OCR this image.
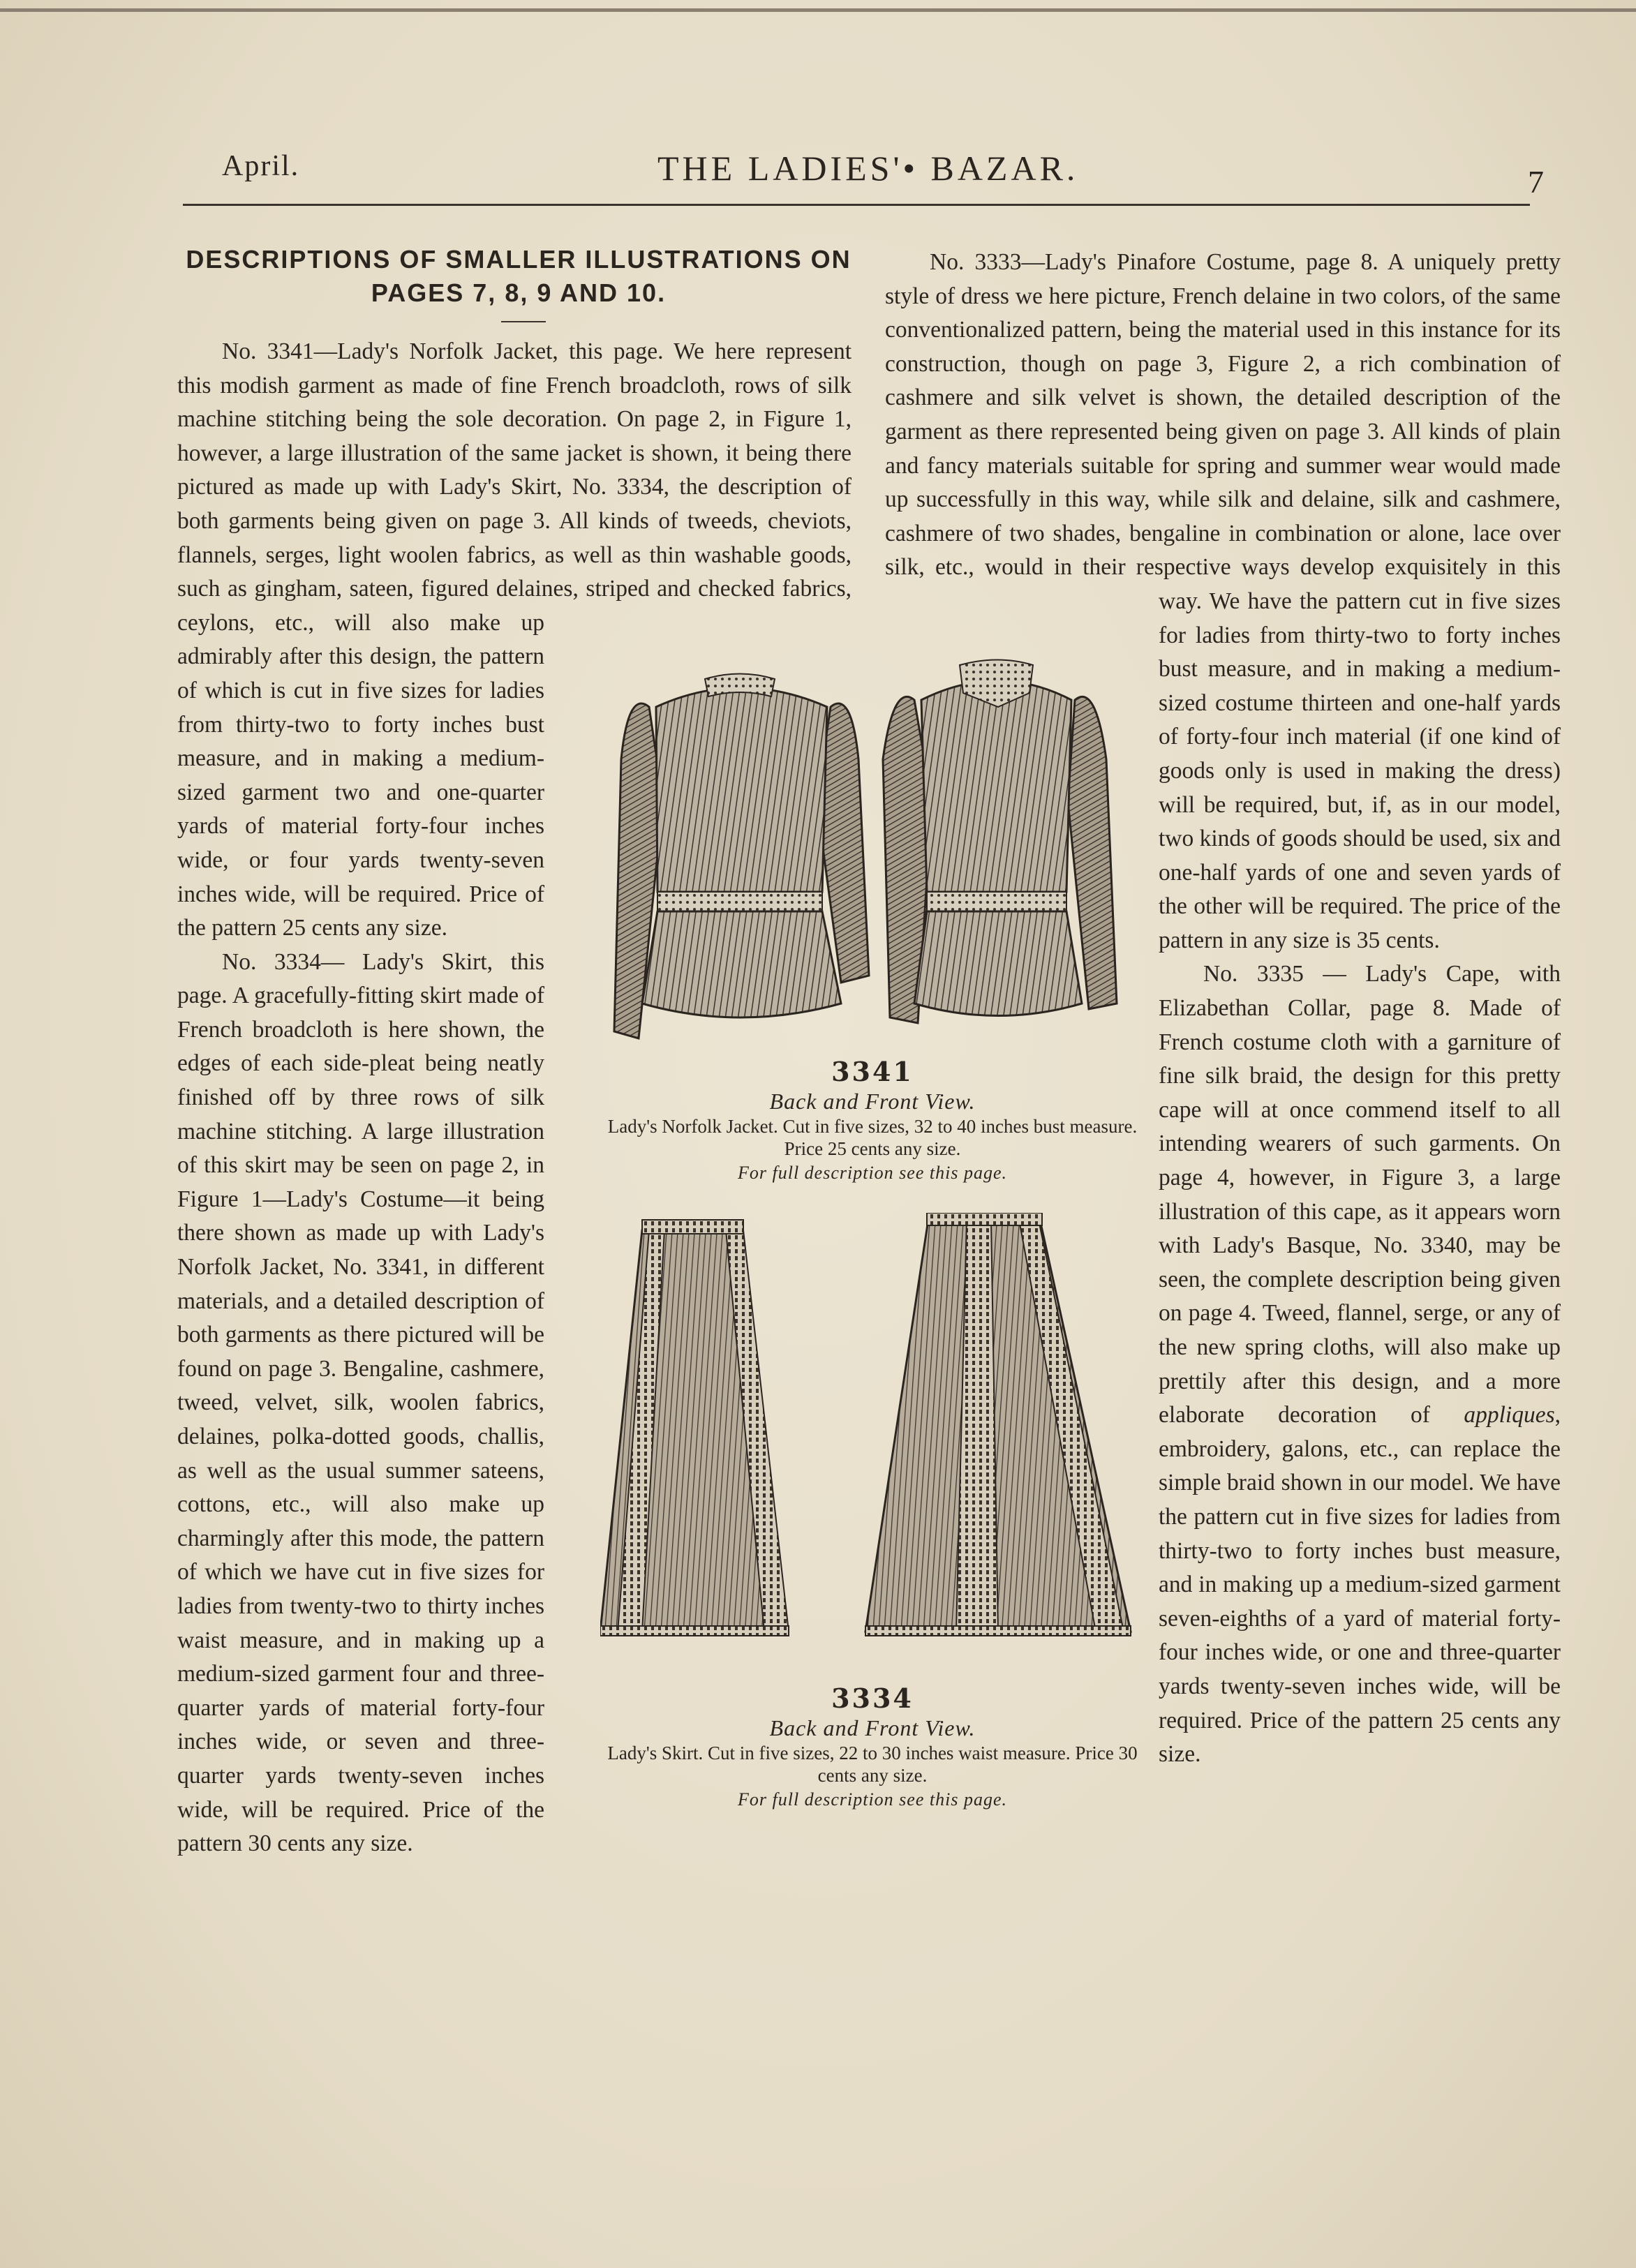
April.	THE LADIES'• BAZAR.	7
DESCRIPTIONS OF SMALLER ILLUSTRATIONS ON PAGES 7, 8, 9 AND 10.

No. 3341—Lady's Norfolk Jacket, this page. We here represent this modish garment as made of fine French broadcloth, rows of silk machine stitching being the sole decoration. On page 2, in Figure 1, however, a large illustration of the same jacket is shown, it being there pictured as made up with Lady's Skirt, No. 3334, the description of both garments being given on page 3. All kinds of tweeds, cheviots, flannels, serges, light woolen fabrics, as well as thin washable goods, such as gingham, sateen, figured delaines, striped and checked fabrics, ceylons, etc., will also make up admirably after this design, the pattern of which is cut in five sizes for ladies from thirty-two to forty inches bust measure, and in making a medium-sized garment two and one-quarter yards of material forty-four inches wide, or four yards twenty-seven inches wide, will be required. Price of the pattern 25 cents any size.

No. 3334— Lady's Skirt, this page. A gracefully-fitting skirt made of French broadcloth is here shown, the edges of each side-pleat being neatly finished off by three rows of silk machine stitching. A large illustration of this skirt may be seen on page 2, in Figure 1—Lady's Costume—it being there shown as made up with Lady's Norfolk Jacket, No. 3341, in different materials, and a detailed description of both garments as there pictured will be found on page 3. Bengaline, cashmere, tweed, velvet, silk, woolen fabrics, delaines, polka-dotted goods, challis, as well as the usual summer sateens, cottons, etc., will also make up charmingly after this mode, the pattern of which we have cut in five sizes for ladies from twenty-two to thirty inches waist measure, and in making up a medium-sized garment four and three-quarter yards of material forty-four inches wide, or seven and three-quarter yards twenty-seven inches wide, will be required. Price of the pattern 30 cents any size.

No. 3333—Lady's Pinafore Costume, page 8. A uniquely pretty style of dress we here picture, French delaine in two colors, of the same conventionalized pattern, being the material used in this instance for its construction, though on page 3, Figure 2, a rich combination of cashmere and silk velvet is shown, the detailed description of the garment as there represented being given on page 3. All kinds of plain and fancy materials suitable for spring and summer wear would made up successfully in this way, while silk and delaine, silk and cashmere, cashmere of two shades, bengaline in combination or alone, lace over silk, etc., would in their respective ways develop exquisitely in this way. We have the pattern cut in five sizes for ladies from thirty-two to forty inches bust measure, and in making a medium-sized costume thirteen and one-half yards of forty-four inch material (if one kind of goods only is used in making the dress) will be required, but, if, as in our model, two kinds of goods should be used, six and one-half yards of one and seven yards of the other will be required. The price of the pattern in any size is 35 cents.

No. 3335 — Lady's Cape, with Elizabethan Collar, page 8. Made of French costume cloth with a garniture of fine silk braid, the design for this pretty cape will at once commend itself to all intending wearers of such garments. On page 4, however, in Figure 3, a large illustration of this cape, as it appears worn with Lady's Basque, No. 3340, may be seen, the complete description being given on page 4. Tweed, flannel, serge, or any of the new spring cloths, will also make up prettily after this design, and a more elaborate decoration of appliques, embroidery, galons, etc., can replace the simple braid shown in our model. We have the pattern cut in five sizes for ladies from thirty-two to forty inches bust measure, and in making up a medium-sized garment seven-eighths of a yard of material forty-four inches wide, or one and three-quarter yards twenty-seven inches wide, will be required. Price of the pattern 25 cents any size.

3341
Back and Front View.
Lady's Norfolk Jacket. Cut in five sizes, 32 to 40 inches bust measure. Price 25 cents any size.
For full description see this page.
3334
Back and Front View.
Lady's Skirt. Cut in five sizes, 22 to 30 inches waist measure. Price 30 cents any size.
For full description see this page.
